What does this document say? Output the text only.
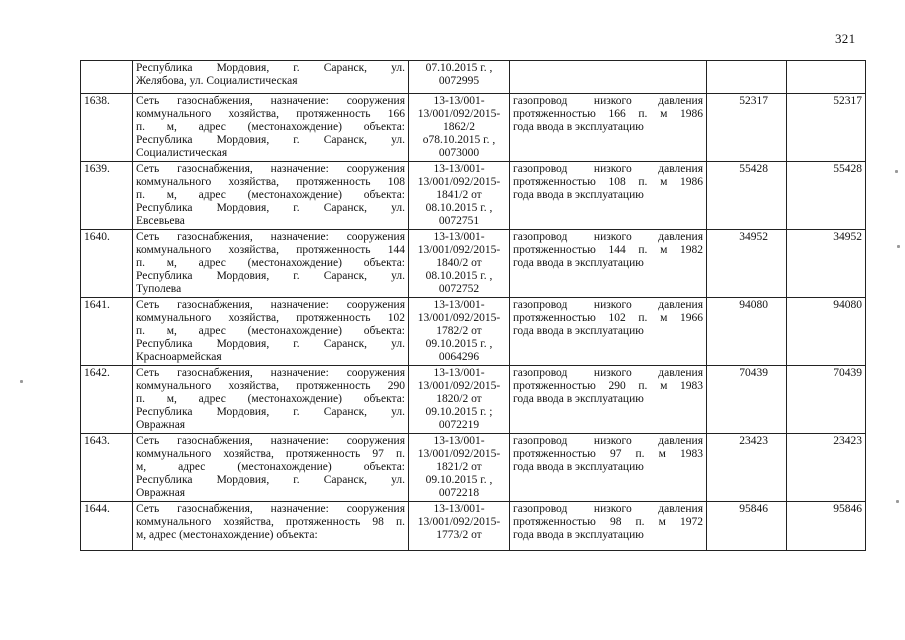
321

	Республика Мордовия, г. Саранск, ул.
Желябова, ул. Социалистическая	07.10.2015 г. ,
0072995			

1638.	Сеть газоснабжения, назначение: сооружения
коммунального хозяйства, протяженность 166
п. м, адрес (местонахождение) объекта:
Республика Мордовия, г. Саранск, ул.
Социалистическая	13-13/001-
13/001/092/2015-
1862/2
о78.10.2015 г. ,
0073000	газопровод низкого давления
протяженностью 166 п. м 1986
года ввода в эксплуатацию	52317	52317
1639.	Сеть газоснабжения, назначение: сооружения
коммунального хозяйства, протяженность 108
п. м, адрес (местонахождение) объекта:
Республика Мордовия, г. Саранск, ул.
Евсевьева	13-13/001-
13/001/092/2015-
1841/2 от
08.10.2015 г. ,
0072751	газопровод низкого давления
протяженностью 108 п. м 1986
года ввода в эксплуатацию	55428	55428
1640.	Сеть газоснабжения, назначение: сооружения
коммунального хозяйства, протяженность 144
п. м, адрес (местонахождение) объекта:
Республика Мордовия, г. Саранск, ул.
Туполева	13-13/001-
13/001/092/2015-
1840/2 от
08.10.2015 г. ,
0072752	газопровод низкого давления
протяженностью 144 п. м 1982
года ввода в эксплуатацию	34952	34952
1641.	Сеть газоснабжения, назначение: сооружения
коммунального хозяйства, протяженность 102
п. м, адрес (местонахождение) объекта:
Республика Мордовия, г. Саранск, ул.
Красноармейская	13-13/001-
13/001/092/2015-
1782/2 от
09.10.2015 г. ,
0064296	газопровод низкого давления
протяженностью 102 п. м 1966
года ввода в эксплуатацию	94080	94080
1642.	Сеть газоснабжения, назначение: сооружения
коммунального хозяйства, протяженность 290
п. м, адрес (местонахождение) объекта:
Республика Мордовия, г. Саранск, ул.
Овражная	13-13/001-
13/001/092/2015-
1820/2 от
09.10.2015 г. ;
0072219	газопровод низкого давления
протяженностью 290 п. м 1983
года ввода в эксплуатацию	70439	70439
1643.	Сеть газоснабжения, назначение: сооружения
коммунального хозяйства, протяженность 97 п.
м, адрес (местонахождение) объекта:
Республика Мордовия, г. Саранск, ул.
Овражная	13-13/001-
13/001/092/2015-
1821/2 от
09.10.2015 г. ,
0072218	газопровод низкого давления
протяженностью 97 п. м 1983
года ввода в эксплуатацию	23423	23423
1644.	Сеть газоснабжения, назначение: сооружения
коммунального хозяйства, протяженность 98 п.
м, адрес (местонахождение) объекта:	13-13/001-
13/001/092/2015-
1773/2 от	газопровод низкого давления
протяженностью 98 п. м 1972
года ввода в эксплуатацию	95846	95846
